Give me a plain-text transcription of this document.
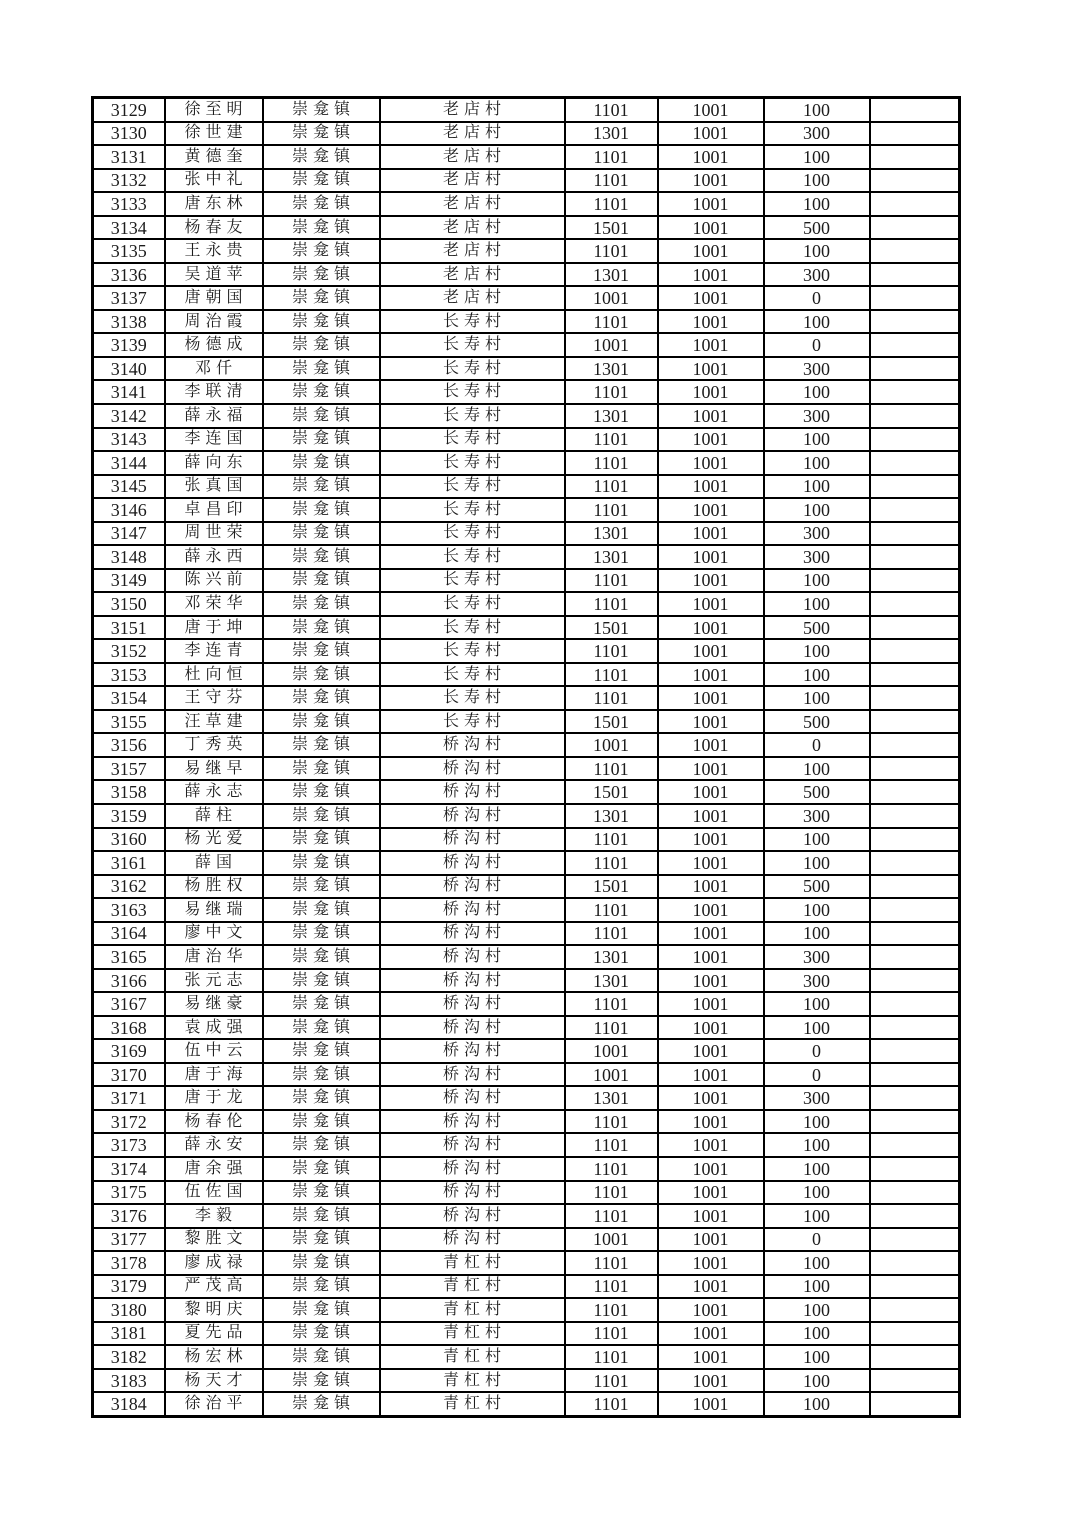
3129	徐至明	崇龛镇	老店村	1101	1001	100	
3130	徐世建	崇龛镇	老店村	1301	1001	300	
3131	黄德奎	崇龛镇	老店村	1101	1001	100	
3132	张中礼	崇龛镇	老店村	1101	1001	100	
3133	唐东林	崇龛镇	老店村	1101	1001	100	
3134	杨春友	崇龛镇	老店村	1501	1001	500	
3135	王永贵	崇龛镇	老店村	1101	1001	100	
3136	吴道苹	崇龛镇	老店村	1301	1001	300	
3137	唐朝国	崇龛镇	老店村	1001	1001	0	
3138	周治霞	崇龛镇	长寿村	1101	1001	100	
3139	杨德成	崇龛镇	长寿村	1001	1001	0	
3140	邓仟	崇龛镇	长寿村	1301	1001	300	
3141	李联清	崇龛镇	长寿村	1101	1001	100	
3142	薛永福	崇龛镇	长寿村	1301	1001	300	
3143	李连国	崇龛镇	长寿村	1101	1001	100	
3144	薛向东	崇龛镇	长寿村	1101	1001	100	
3145	张真国	崇龛镇	长寿村	1101	1001	100	
3146	卓昌印	崇龛镇	长寿村	1101	1001	100	
3147	周世荣	崇龛镇	长寿村	1301	1001	300	
3148	薛永西	崇龛镇	长寿村	1301	1001	300	
3149	陈兴前	崇龛镇	长寿村	1101	1001	100	
3150	邓荣华	崇龛镇	长寿村	1101	1001	100	
3151	唐于坤	崇龛镇	长寿村	1501	1001	500	
3152	李连青	崇龛镇	长寿村	1101	1001	100	
3153	杜向恒	崇龛镇	长寿村	1101	1001	100	
3154	王守芬	崇龛镇	长寿村	1101	1001	100	
3155	汪草建	崇龛镇	长寿村	1501	1001	500	
3156	丁秀英	崇龛镇	桥沟村	1001	1001	0	
3157	易继早	崇龛镇	桥沟村	1101	1001	100	
3158	薛永志	崇龛镇	桥沟村	1501	1001	500	
3159	薛柱	崇龛镇	桥沟村	1301	1001	300	
3160	杨光爱	崇龛镇	桥沟村	1101	1001	100	
3161	薛国	崇龛镇	桥沟村	1101	1001	100	
3162	杨胜权	崇龛镇	桥沟村	1501	1001	500	
3163	易继瑞	崇龛镇	桥沟村	1101	1001	100	
3164	廖中文	崇龛镇	桥沟村	1101	1001	100	
3165	唐治华	崇龛镇	桥沟村	1301	1001	300	
3166	张元志	崇龛镇	桥沟村	1301	1001	300	
3167	易继豪	崇龛镇	桥沟村	1101	1001	100	
3168	袁成强	崇龛镇	桥沟村	1101	1001	100	
3169	伍中云	崇龛镇	桥沟村	1001	1001	0	
3170	唐于海	崇龛镇	桥沟村	1001	1001	0	
3171	唐于龙	崇龛镇	桥沟村	1301	1001	300	
3172	杨春伦	崇龛镇	桥沟村	1101	1001	100	
3173	薛永安	崇龛镇	桥沟村	1101	1001	100	
3174	唐余强	崇龛镇	桥沟村	1101	1001	100	
3175	伍佐国	崇龛镇	桥沟村	1101	1001	100	
3176	李毅	崇龛镇	桥沟村	1101	1001	100	
3177	黎胜文	崇龛镇	桥沟村	1001	1001	0	
3178	廖成禄	崇龛镇	青杠村	1101	1001	100	
3179	严茂高	崇龛镇	青杠村	1101	1001	100	
3180	黎明庆	崇龛镇	青杠村	1101	1001	100	
3181	夏先品	崇龛镇	青杠村	1101	1001	100	
3182	杨宏林	崇龛镇	青杠村	1101	1001	100	
3183	杨天才	崇龛镇	青杠村	1101	1001	100	
3184	徐治平	崇龛镇	青杠村	1101	1001	100	
